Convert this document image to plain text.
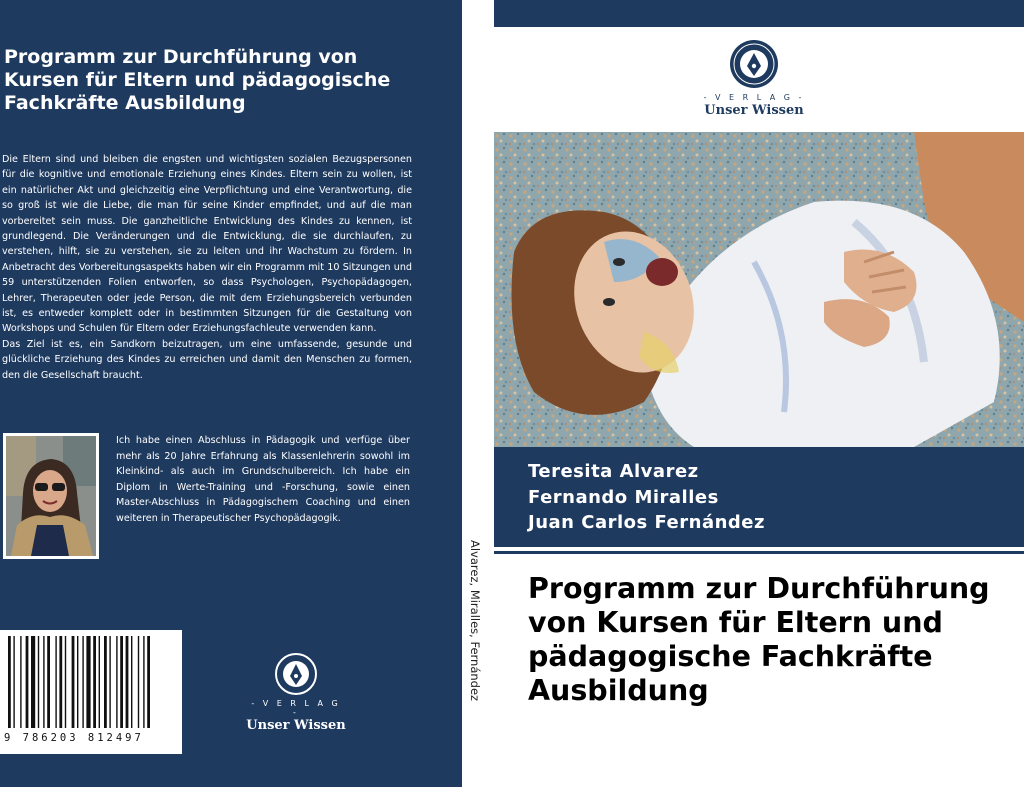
Programm zur Durchführung von Kursen für Eltern und pädagogische Fachkräfte Ausbildung

Die Eltern sind und bleiben die engsten und wichtigsten sozialen Bezugspersonen für die kognitive und emotionale Erziehung eines Kindes. Eltern sein zu wollen, ist ein natürlicher Akt und gleichzeitig eine Verpflichtung und eine Verantwortung, die so groß ist wie die Liebe, die man für seine Kinder empfindet, und auf die man vorbereitet sein muss. Die ganzheitliche Entwicklung des Kindes zu kennen, ist grundlegend. Die Veränderungen und die Entwicklung, die sie durchlaufen, zu verstehen, hilft, sie zu verstehen, sie zu leiten und ihr Wachstum zu fördern. In Anbetracht des Vorbereitungsaspekts haben wir ein Programm mit 10 Sitzungen und 59 unterstützenden Folien entworfen, so dass Psychologen, Psychopädagogen, Lehrer, Therapeuten oder jede Person, die mit dem Erziehungsbereich verbunden ist, es entweder komplett oder in bestimmten Sitzungen für die Gestaltung von Workshops und Schulen für Eltern oder Erziehungsfachleute verwenden kann.

Das Ziel ist es, ein Sandkorn beizutragen, um eine umfassende, gesunde und glückliche Erziehung des Kindes zu erreichen und damit den Menschen zu formen, den die Gesellschaft braucht.

Ich habe einen Abschluss in Pädagogik und verfüge über mehr als 20 Jahre Erfahrung als Klassenlehrerin sowohl im Kleinkind- als auch im Grundschulbereich. Ich habe ein Diplom in Werte-Training und -Forschung, sowie einen Master-Abschluss in Pädagogischem Coaching und einen weiteren in Therapeutischer Psychopädagogik.
9 786203 812497
- V E R L A G -
Unser Wissen
Alvarez, Miralles, Fernández
- V E R L A G -
Unser Wissen
Teresita Alvarez
Fernando Miralles
Juan Carlos Fernández
Programm zur Durchführung von Kursen für Eltern und pädagogische Fachkräfte Ausbildung
